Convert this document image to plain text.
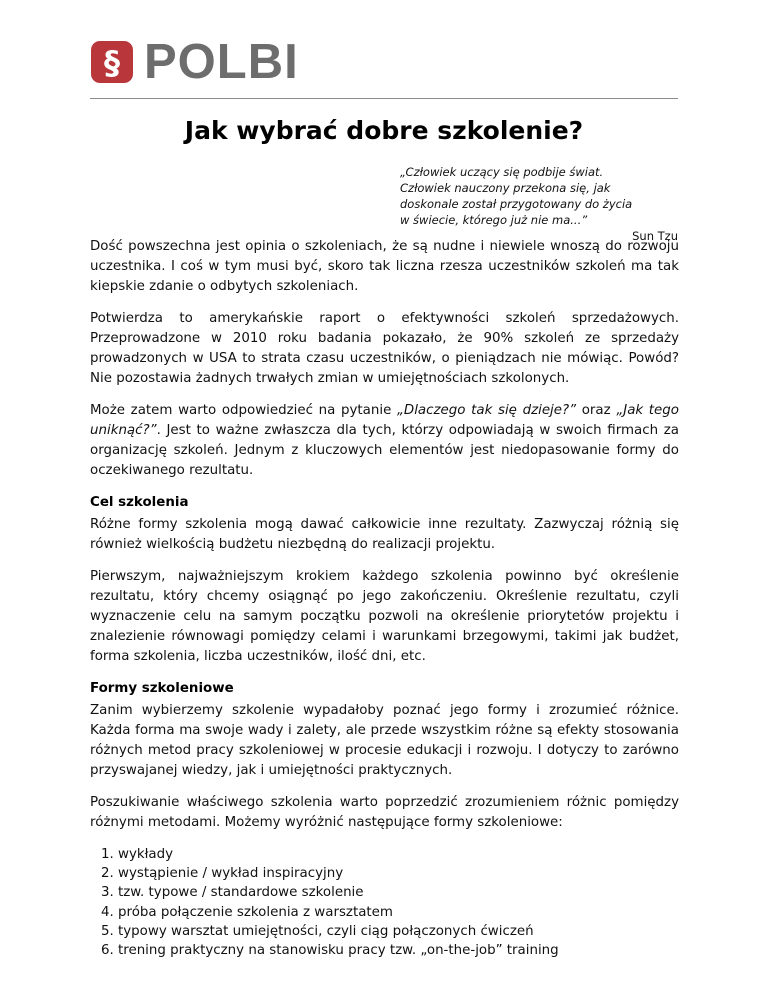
§ POLBI
Jak wybrać dobre szkolenie?

„Człowiek uczący się podbije świat.

Człowiek nauczony przekona się, jak

doskonale został przygotowany do życia

w świecie, którego już nie ma...”

Sun Tzu

Dość powszechna jest opinia o szkoleniach, że są nudne i niewiele wnoszą do rozwoju uczestnika. I coś w tym musi być, skoro tak liczna rzesza uczestników szkoleń ma tak kiepskie zdanie o odbytych szkoleniach.

Potwierdza to amerykańskie raport o efektywności szkoleń sprzedażowych. Przeprowadzone w 2010 roku badania pokazało, że 90% szkoleń ze sprzedaży prowadzonych w USA to strata czasu uczestników, o pieniądzach nie mówiąc. Powód? Nie pozostawia żadnych trwałych zmian w umiejętnościach szkolonych.

Może zatem warto odpowiedzieć na pytanie „Dlaczego tak się dzieje?” oraz „Jak tego uniknąć?”. Jest to ważne zwłaszcza dla tych, którzy odpowiadają w swoich firmach za organizację szkoleń. Jednym z kluczowych elementów jest niedopasowanie formy do oczekiwanego rezultatu.

Cel szkolenia

Różne formy szkolenia mogą dawać całkowicie inne rezultaty. Zazwyczaj różnią się również wielkością budżetu niezbędną do realizacji projektu.

Pierwszym, najważniejszym krokiem każdego szkolenia powinno być określenie rezultatu, który chcemy osiągnąć po jego zakończeniu. Określenie rezultatu, czyli wyznaczenie celu na samym początku pozwoli na określenie priorytetów projektu i znalezienie równowagi pomiędzy celami i warunkami brzegowymi, takimi jak budżet, forma szkolenia, liczba uczestników, ilość dni, etc.

Formy szkoleniowe

Zanim wybierzemy szkolenie wypadałoby poznać jego formy i zrozumieć różnice. Każda forma ma swoje wady i zalety, ale przede wszystkim różne są efekty stosowania różnych metod pracy szkoleniowej w procesie edukacji i rozwoju. I dotyczy to zarówno przyswajanej wiedzy, jak i umiejętności praktycznych.

Poszukiwanie właściwego szkolenia warto poprzedzić zrozumieniem różnic pomiędzy różnymi metodami. Możemy wyróżnić następujące formy szkoleniowe:

1. wykłady
2. wystąpienie / wykład inspiracyjny
3. tzw. typowe / standardowe szkolenie
4. próba połączenie szkolenia z warsztatem
5. typowy warsztat umiejętności, czyli ciąg połączonych ćwiczeń
6. trening praktyczny na stanowisku pracy tzw. „on-the-job” training
